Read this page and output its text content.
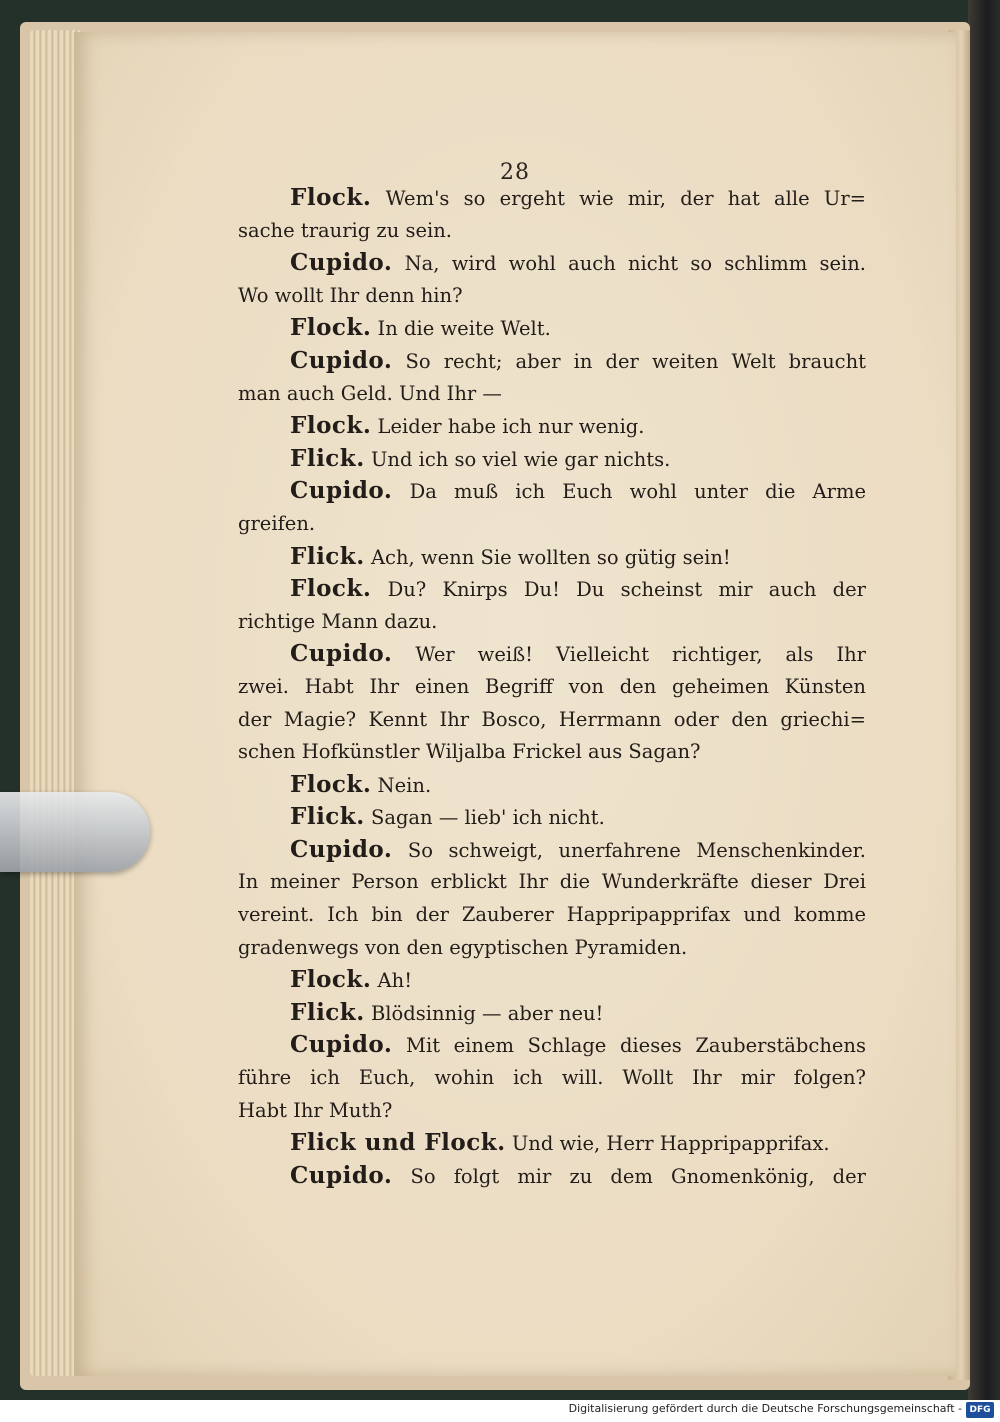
28
Flock. Wem's so ergeht wie mir, der hat alle Ur=
sache traurig zu sein.
Cupido. Na, wird wohl auch nicht so schlimm sein.
Wo wollt Ihr denn hin?
Flock. In die weite Welt.
Cupido. So recht; aber in der weiten Welt braucht
man auch Geld. Und Ihr —
Flock. Leider habe ich nur wenig.
Flick. Und ich so viel wie gar nichts.
Cupido. Da muß ich Euch wohl unter die Arme
greifen.
Flick. Ach, wenn Sie wollten so gütig sein!
Flock. Du? Knirps Du! Du scheinst mir auch der
richtige Mann dazu.
Cupido. Wer weiß! Vielleicht richtiger, als Ihr
zwei. Habt Ihr einen Begriff von den geheimen Künsten
der Magie? Kennt Ihr Bosco, Herrmann oder den griechi=
schen Hofkünstler Wiljalba Frickel aus Sagan?
Flock. Nein.
Flick. Sagan — lieb' ich nicht.
Cupido. So schweigt, unerfahrene Menschenkinder.
In meiner Person erblickt Ihr die Wunderkräfte dieser Drei
vereint. Ich bin der Zauberer Happripapprifax und komme
gradenwegs von den egyptischen Pyramiden.
Flock. Ah!
Flick. Blödsinnig — aber neu!
Cupido. Mit einem Schlage dieses Zauberstäbchens
führe ich Euch, wohin ich will. Wollt Ihr mir folgen?
Habt Ihr Muth?
Flick und Flock. Und wie, Herr Happripapprifax.
Cupido. So folgt mir zu dem Gnomenkönig, der
Digitalisierung gefördert durch die Deutsche Forschungsgemeinschaft - DFG
